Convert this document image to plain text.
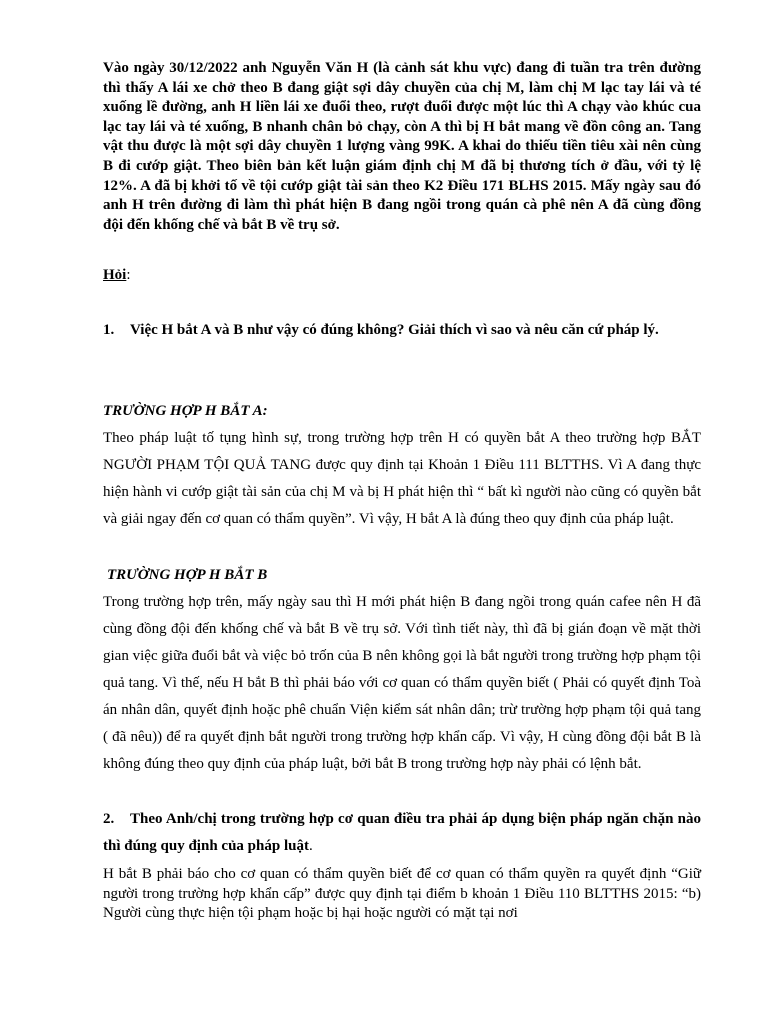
Vào ngày 30/12/2022 anh Nguyễn Văn H (là cảnh sát khu vực) đang đi tuần tra trên đường thì thấy A lái xe chở theo B đang giật sợi dây chuyền của chị M, làm chị M lạc tay lái và té xuống lề đường, anh H liền lái xe đuổi theo, rượt đuổi được một lúc thì A chạy vào khúc cua lạc tay lái và té xuống, B nhanh chân bỏ chạy, còn A thì bị H bắt mang về đồn công an. Tang vật thu được là một sợi dây chuyền 1 lượng vàng 99K. A khai do thiếu tiền tiêu xài nên cùng B đi cướp giật. Theo biên bản kết luận giám định chị M đã bị thương tích ở đầu, với tỷ lệ 12%. A đã bị khởi tố về tội cướp giật tài sản theo K2 Điều 171 BLHS 2015. Mấy ngày sau đó anh H trên đường đi làm thì phát hiện B đang ngồi trong quán cà phê nên A đã cùng đồng đội đến khống chế và bắt B về trụ sở.

Hỏi:

1. Việc H bắt A và B như vậy có đúng không? Giải thích vì sao và nêu căn cứ pháp lý.

TRƯỜNG HỢP H BẮT A:

Theo pháp luật tố tụng hình sự, trong trường hợp trên H có quyền bắt A theo trường hợp BẮT NGƯỜI PHẠM TỘI QUẢ TANG được quy định tại Khoản 1 Điều 111 BLTTHS. Vì A đang thực hiện hành vi cướp giật tài sản của chị M và bị H phát hiện thì “ bất kì người nào cũng có quyền bắt và giải ngay đến cơ quan có thẩm quyền”. Vì vậy, H bắt A là đúng theo quy định của pháp luật.

TRƯỜNG HỢP H BẮT B

Trong trường hợp trên, mấy ngày sau thì H mới phát hiện B đang ngồi trong quán cafee nên H đã cùng đồng đội đến khống chế và bắt B về trụ sở. Với tình tiết này, thì đã bị gián đoạn về mặt thời gian việc giữa đuổi bắt và việc bỏ trốn của B nên không gọi là bắt người trong trường hợp phạm tội quả tang. Vì thế, nếu H bắt B thì phải báo với cơ quan có thẩm quyền biết ( Phải có quyết định Toà án nhân dân, quyết định hoặc phê chuẩn Viện kiểm sát nhân dân; trừ trường hợp phạm tội quả tang ( đã nêu)) để ra quyết định bắt người trong trường hợp khẩn cấp. Vì vậy, H cùng đồng đội bắt B là không đúng theo quy định của pháp luật, bởi bắt B trong trường hợp này phải có lệnh bắt.

2. Theo Anh/chị trong trường hợp cơ quan điều tra phải áp dụng biện pháp ngăn chặn nào thì đúng quy định của pháp luật.

H bắt B phải báo cho cơ quan có thẩm quyền biết để cơ quan có thẩm quyền ra quyết định “Giữ người trong trường hợp khẩn cấp” được quy định tại điểm b khoản 1 Điều 110 BLTTHS 2015: “b) Người cùng thực hiện tội phạm hoặc bị hại hoặc người có mặt tại nơi
